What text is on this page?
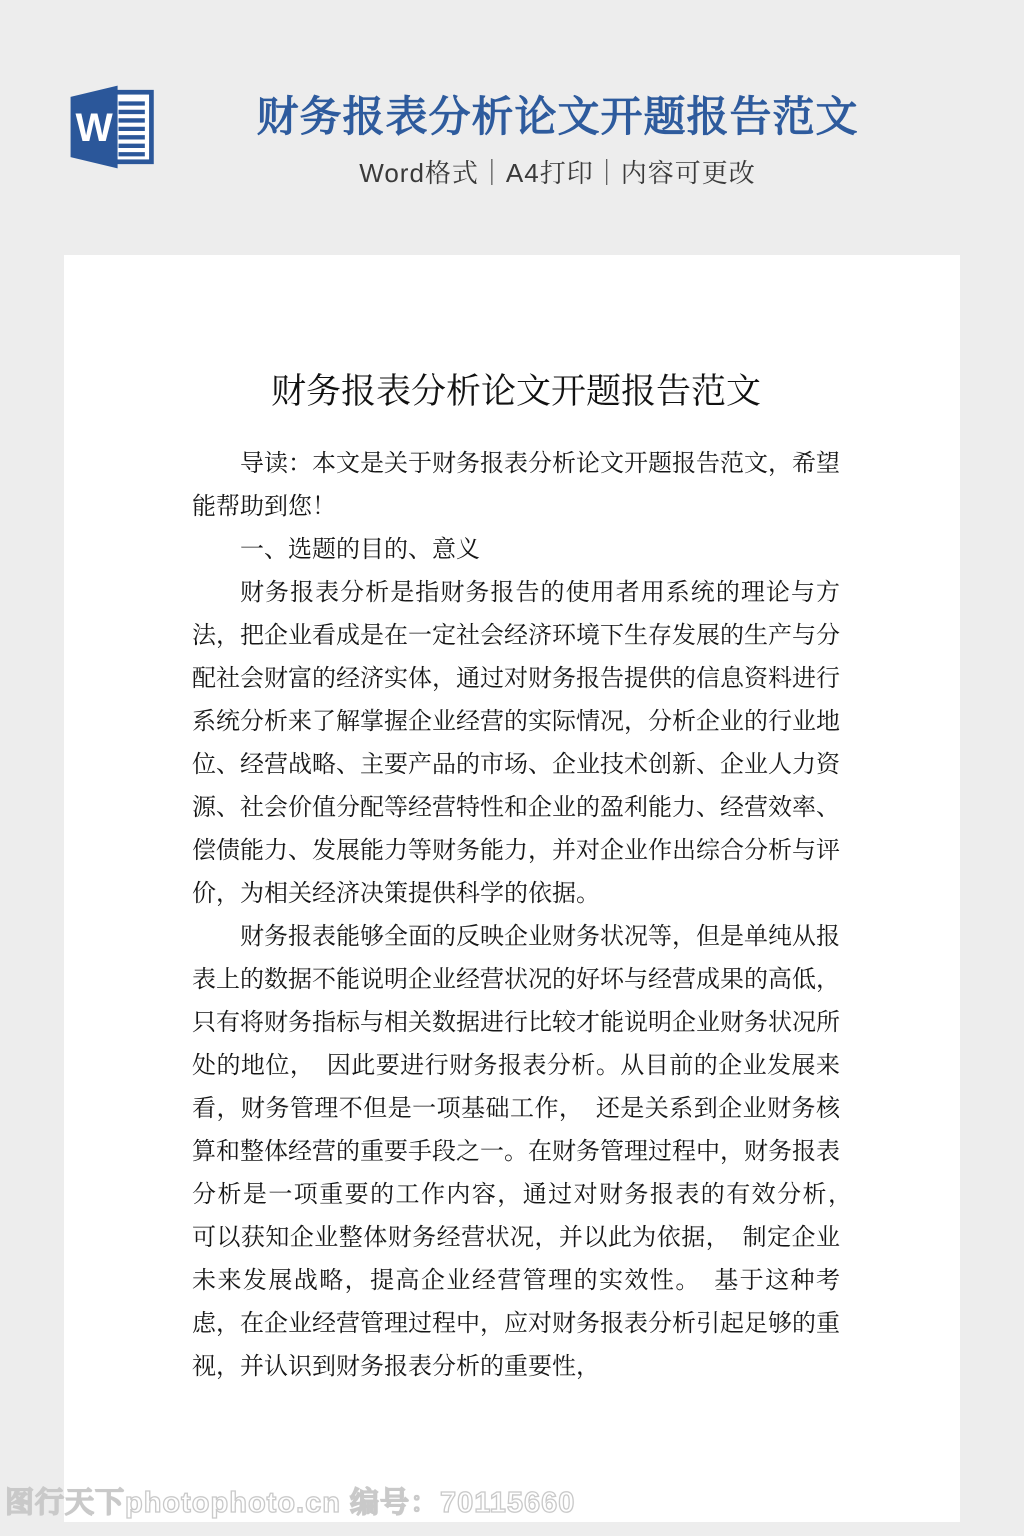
W	财务报表分析论文开题报告范文
Word格式｜A4打印｜内容可更改
财务报表分析论文开题报告范文

导读：本文是关于财务报表分析论文开题报告范文，希望能帮助到您！

一、选题的目的、意义

财务报表分析是指财务报告的使用者用系统的理论与方法，把企业看成是在一定社会经济环境下生存发展的生产与分配社会财富的经济实体，通过对财务报告提供的信息资料进行系统分析来了解掌握企业经营的实际情况，分析企业的行业地位、经营战略、主要产品的市场、企业技术创新、企业人力资源、社会价值分配等经营特性和企业的盈利能力、经营效率、偿债能力、发展能力等财务能力，并对企业作出综合分析与评价，为相关经济决策提供科学的依据。

财务报表能够全面的反映企业财务状况等，但是单纯从报表上的数据不能说明企业经营状况的好坏与经营成果的高低，只有将财务指标与相关数据进行比较才能说明企业财务状况所处的地位，　因此要进行财务报表分析。从目前的企业发展来看，财务管理不但是一项基础工作，　还是关系到企业财务核算和整体经营的重要手段之一。在财务管理过程中，财务报表分析是一项重要的工作内容，通过对财务报表的有效分析，　可以获知企业整体财务经营状况，并以此为依据，　制定企业未来发展战略，提高企业经营管理的实效性。　基于这种考虑，在企业经营管理过程中，应对财务报表分析引起足够的重视，并认识到财务报表分析的重要性，

图行天下photophoto.cn 编号：70115660
